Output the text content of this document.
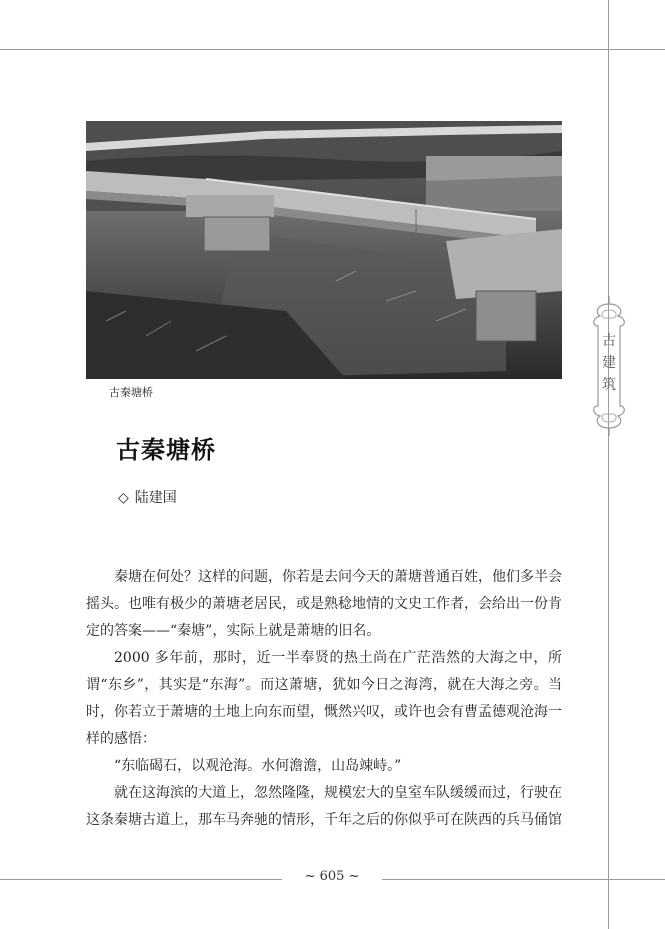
古秦塘桥
古秦塘桥
◇ 陆建国

秦塘在何处？这样的问题，你若是去问今天的萧塘普通百姓，他们多半会摇头。也唯有极少的萧塘老居民，或是熟稔地情的文史工作者，会给出一份肯定的答案——“秦塘”，实际上就是萧塘的旧名。

2000 多年前，那时，近一半奉贤的热土尚在广茫浩然的大海之中，所谓“东乡”，其实是“东海”。而这萧塘，犹如今日之海湾，就在大海之旁。当时，你若立于萧塘的土地上向东而望，慨然兴叹，或许也会有曹孟德观沧海一样的感悟：

“东临碣石，以观沧海。水何澹澹，山岛竦峙。”

就在这海滨的大道上，忽然隆隆，规模宏大的皇室车队缓缓而过，行驶在这条秦塘古道上，那车马奔驰的情形，千年之后的你似乎可在陕西的兵马俑馆

古
建
筑
~ 605 ~
